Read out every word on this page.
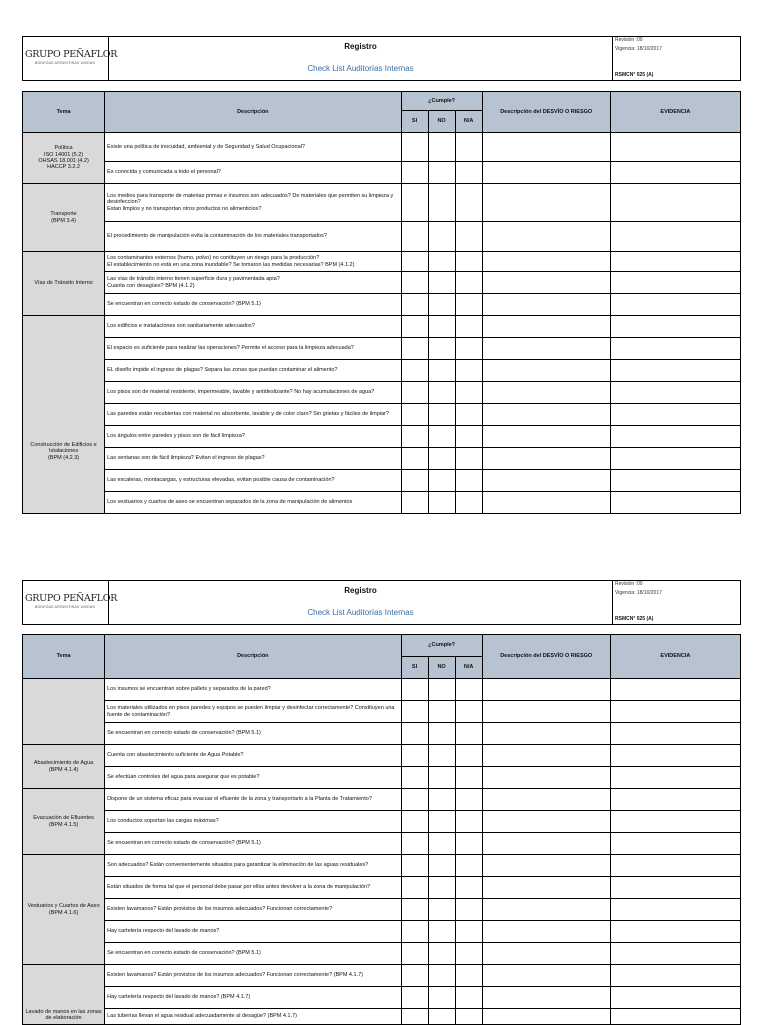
GRUPO PEÑAFLOR
BODEGAS ARGENTINAS UNIDAS
Registro
Check List Auditorías Internas
Revisión :00
Vigencia: 18/10/2017
RSMCN° 025 (A)
Tema	Descripción	¿Cumple?			Descripción del DESVÍO O RIESGO	EVIDENCIA
		SI	NO	N/A		
Política
ISO 14001 (5.2)
OHSAS 18.001 (4.2)
HACCP 3.2.2	Existe una política de inocuidad, ambiental y de Seguridad y Salud Ocupacional?					
	Es conocida y comunicada a todo el personal?					
Transporte
(BPM 3.4)	Los medios para transporte de materias primas e insumos son adecuados? De materiales que permiten su limpieza y desinfeccion?
Estan limpios y no transportan otros productos no alimenticios?					
	El procedimiento de manipulación evita la contaminación de los materiales transportados?					
Vías de Tránsito Interno	Los contaminantes externos (humo, polvo) no contituyen un riesgo para la producción?
El establecimiento no está en una zona inundable? Se tomaron las medidas necesarias? BPM (4.1.2)					
	Las vías de tránsito interno tienen superficie dura y pavimentada apta?
Cuanta con desagües? BPM (4.1.2)					
	Se encuentran en correcto estado de conservación? (BPM 5.1)					
Construcción de Edificios e Istalaciones
(BPM (4.2.3)	Los edificios e instalaciones son sanitariamente adecuados?					
	El espacio es suficiente para realizar las operaciones? Permite el acceso para la limpieza adecuada?					
	EL diseño impide el ingreso de plagas? Separa las zonas que puedan contaminar el alimento?					
	Los pisos son de material resistente, impermeable, lavable y antideslizante? No hay acumulaciones de agua?					
	Las paredes están recubiertas con material no absorbente, lavable y de color claro? Sin grietas y fáciles de limpiar?					
	Los ángulos entre paredes y pisos son de fácil limpieza?					
	Las ventanas son de fácil limpieza? Evitan el ingreso de plagas?					
	Las escaleras, montacargas, y estructuras elevadas, evitan posible causa de contaminación?					
	Los vestuarios y cuartos de aseo se encuentran separados de la zona de manipulación de alimentos					
GRUPO PEÑAFLOR
BODEGAS ARGENTINAS UNIDAS
Registro
Check List Auditorías Internas
Revisión :00
Vigencia: 18/10/2017
RSMCN° 025 (A)
Tema	Descripción	¿Cumple?			Descripción del DESVÍO O RIESGO	EVIDENCIA
		SI	NO	N/A		
	Los insumos se encuentran sobre pallets y separados de la pared?					
	Los materiales utilizados en pisos paredes y equipos se pueden limpiar y desinfectar correctamente? Constituyen una fuente de contaminación?					
	Se encuentran en correcto estado de conservación? (BPM 5.1)					
Abastecimiento de Agua
(BPM 4.1.4)	Cuenta con abastecimiento suficiente de Agua Potable?					
	Se efectúan controles del agua para asegurar que es potable?					
Evacuación de Efluentes
(BPM 4.1.5)	Dispone de un sistema eficaz para evacuar el efluente de la zona y transportarlo a la Planta de Tratamiento?					
	Los conductos soportan las cargas máximas?					
	Se encuentran en correcto estado de conservación? (BPM 5.1)					
Vestuarios y Cuartos de Aseo
(BPM 4.1.6)	Son adecuados? Están convenientemente situados para garantizar la eliminación de las aguas residuales?					
	Están situados de forma tal que el personal debe pasar por ellos antes devolver a la zona de manipulación?					
	Existen lavamanos? Están provistos de los insumos adecuados? Funcionan correctamente?					
	Hay cartelería respecto del lavado de manos?					
	Se encuentran en correcto estado de conservación? (BPM 5.1)					
Lavado de manos en las zonas de elaboración	Existen lavamanos? Están provistos de los insumos adecuados? Funcionan correctamente? (BPM 4.1.7)					
	Hay cartelería respecto del lavado de manos? (BPM 4.1.7)					
	Las tuberías llevan el agua residual adecuadamente al desagüe? (BPM 4.1.7)					
